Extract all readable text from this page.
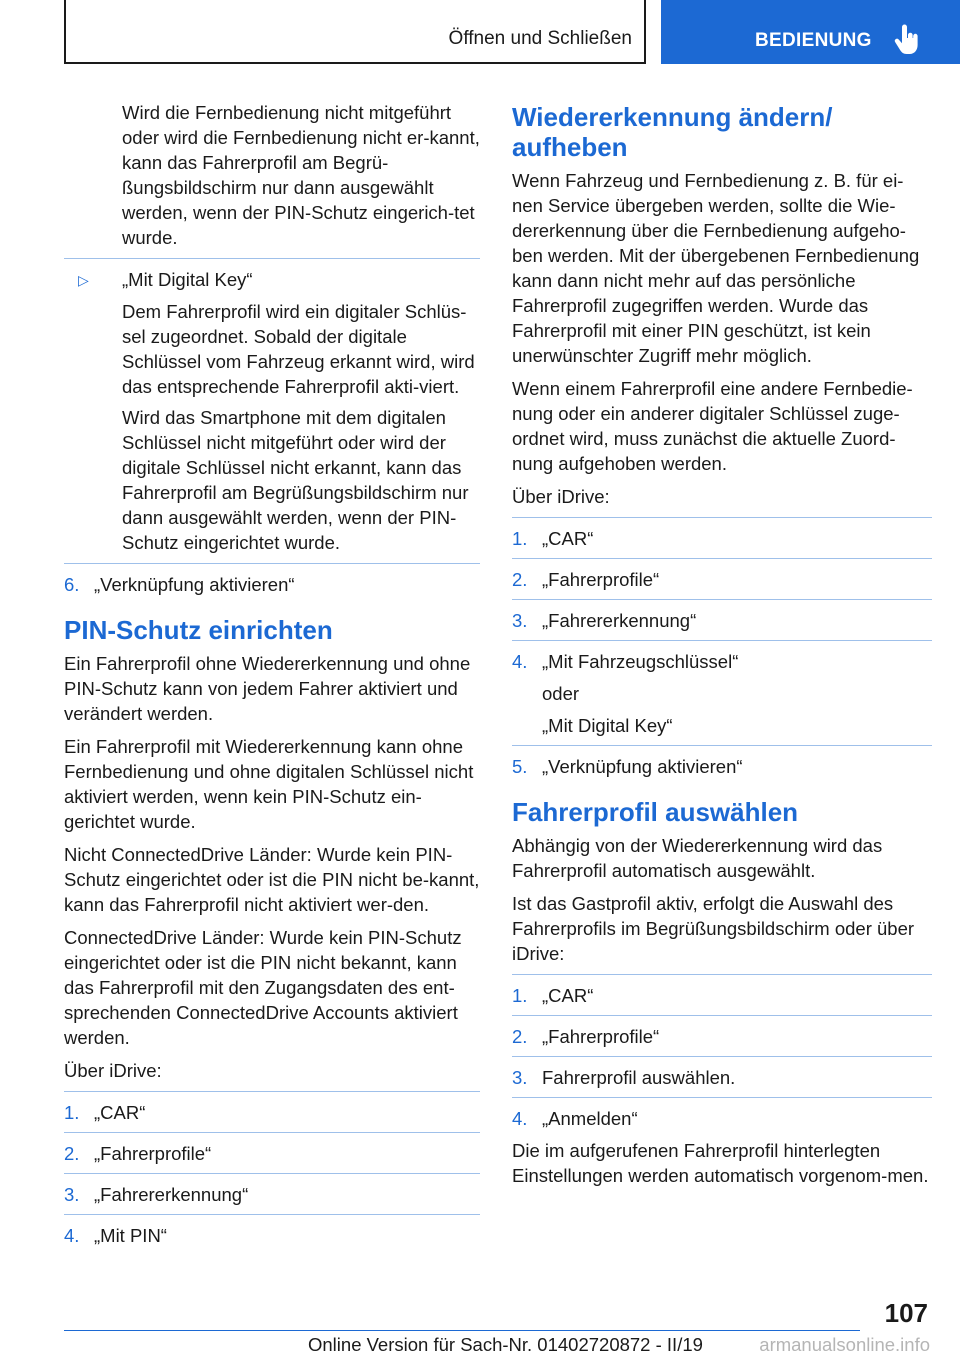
Öffnen und Schließen	BEDIENUNG

Wird die Fernbedienung nicht mitgeführt oder wird die Fernbedienung nicht er‐kannt, kann das Fahrerprofil am Begrü‐ßungsbildschirm nur dann ausgewählt werden, wenn der PIN-Schutz eingerich‐tet wurde.

▷ „Mit Digital Key“

Dem Fahrerprofil wird ein digitaler Schlüs‐sel zugeordnet. Sobald der digitale Schlüssel vom Fahrzeug erkannt wird, wird das entsprechende Fahrerprofil akti‐viert.

Wird das Smartphone mit dem digitalen Schlüssel nicht mitgeführt oder wird der digitale Schlüssel nicht erkannt, kann das Fahrerprofil am Begrüßungsbildschirm nur dann ausgewählt werden, wenn der PIN-Schutz eingerichtet wurde.

6. „Verknüpfung aktivieren“
PIN-Schutz einrichten

Ein Fahrerprofil ohne Wiedererkennung und ohne PIN-Schutz kann von jedem Fahrer aktiviert und verändert werden.

Ein Fahrerprofil mit Wiedererkennung kann ohne Fernbedienung und ohne digitalen Schlüssel nicht aktiviert werden, wenn kein PIN-Schutz ein‐gerichtet wurde.

Nicht ConnectedDrive Länder: Wurde kein PIN-Schutz eingerichtet oder ist die PIN nicht be‐kannt, kann das Fahrerprofil nicht aktiviert wer‐den.

ConnectedDrive Länder: Wurde kein PIN-Schutz eingerichtet oder ist die PIN nicht bekannt, kann das Fahrerprofil mit den Zugangsdaten des ent‐sprechenden ConnectedDrive Accounts aktiviert werden.

Über iDrive:

1. „CAR“
2. „Fahrerprofile“
3. „Fahrererkennung“
4. „Mit PIN“
Wiedererkennung ändern/ aufheben

Wenn Fahrzeug und Fernbedienung z. B. für ei‐nen Service übergeben werden, sollte die Wie‐dererkennung über die Fernbedienung aufgeho‐ben werden. Mit der übergebenen Fernbedienung kann dann nicht mehr auf das persönliche Fahrerprofil zugegriffen werden. Wurde das Fahrerprofil mit einer PIN geschützt, ist kein unerwünschter Zugriff mehr möglich.

Wenn einem Fahrerprofil eine andere Fernbedie‐nung oder ein anderer digitaler Schlüssel zuge‐ordnet wird, muss zunächst die aktuelle Zuord‐nung aufgehoben werden.

Über iDrive:

1. „CAR“
2. „Fahrerprofile“
3. „Fahrererkennung“
4. „Mit Fahrzeugschlüssel“
oder
„Mit Digital Key“
5. „Verknüpfung aktivieren“
Fahrerprofil auswählen

Abhängig von der Wiedererkennung wird das Fahrerprofil automatisch ausgewählt.

Ist das Gastprofil aktiv, erfolgt die Auswahl des Fahrerprofils im Begrüßungsbildschirm oder über iDrive:

1. „CAR“
2. „Fahrerprofile“
3. Fahrerprofil auswählen.
4. „Anmelden“

Die im aufgerufenen Fahrerprofil hinterlegten Einstellungen werden automatisch vorgenom‐men.

107
Online Version für Sach-Nr. 01402720872 - II/19	armanualsonline.info
